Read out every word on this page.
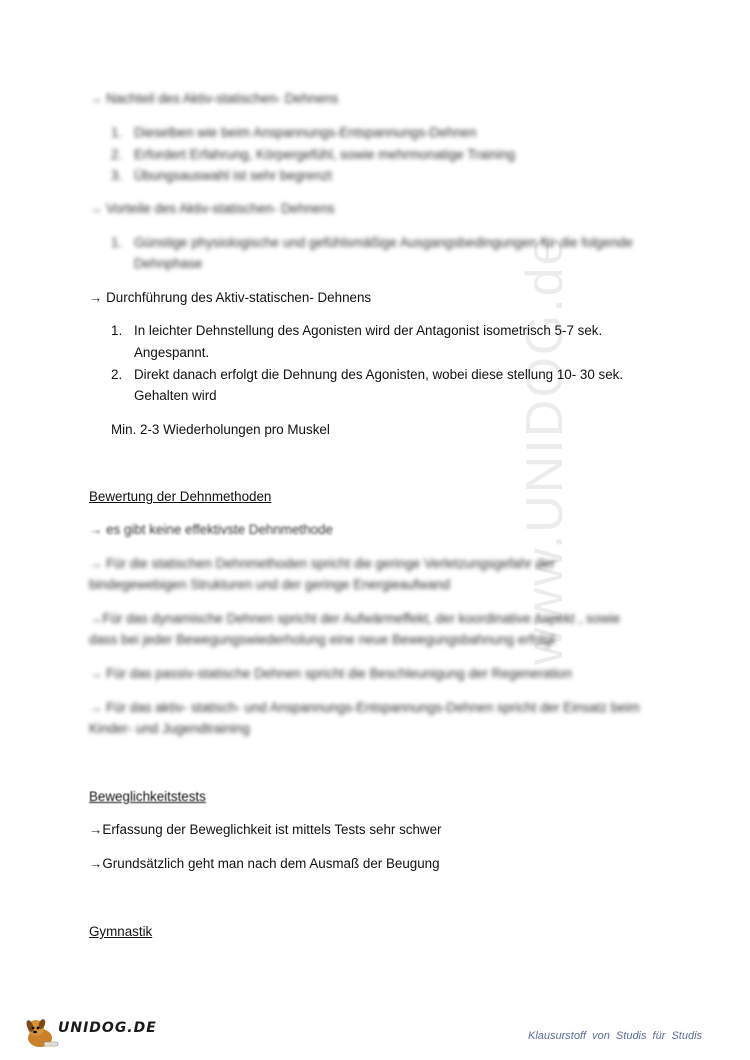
www.UNIDOG.de
→ Nachteil des Aktiv-statischen- Dehnens
1. Dieselben wie beim Anspannungs-Entspannungs-Dehnen
2. Erfordert Erfahrung, Körpergefühl, sowie mehrmonatige Training
3. Übungsauswahl ist sehr begrenzt
→ Vorteile des Aktiv-statischen- Dehnens
1. Günstige physiologische und gefühlsmäßige Ausgangsbedingungen für die folgende
Dehnphase
→ Durchführung des Aktiv-statischen- Dehnens
1. In leichter Dehnstellung des Agonisten wird der Antagonist isometrisch 5-7 sek.
Angespannt.
2. Direkt danach erfolgt die Dehnung des Agonisten, wobei diese stellung 10- 30 sek.
Gehalten wird
Min. 2-3 Wiederholungen pro Muskel
Bewertung der Dehnmethoden
→ es gibt keine effektivste Dehnmethode
→ Für die statischen Dehnmethoden spricht die geringe Verletzungsgefahr der
bindegewebigen Strukturen und der geringe Energieaufwand
→Für das dynamische Dehnen spricht der Aufwärmeffekt, der koordinative Aspekt , sowie
dass bei jeder Bewegungswiederholung eine neue Bewegungsbahnung erfolgt
→ Für das passiv-statische Dehnen spricht die Beschleunigung der Regeneration
→ Für das aktiv- statisch- und Anspannungs-Entspannungs-Dehnen spricht der Einsatz beim
Kinder- und Jugendtraining
Beweglichkeitstests
→Erfassung der Beweglichkeit ist mittels Tests sehr schwer
→Grundsätzlich geht man nach dem Ausmaß der Beugung
Gymnastik
UNIDOG.DE	Klausurstoff von Studis für Studis
